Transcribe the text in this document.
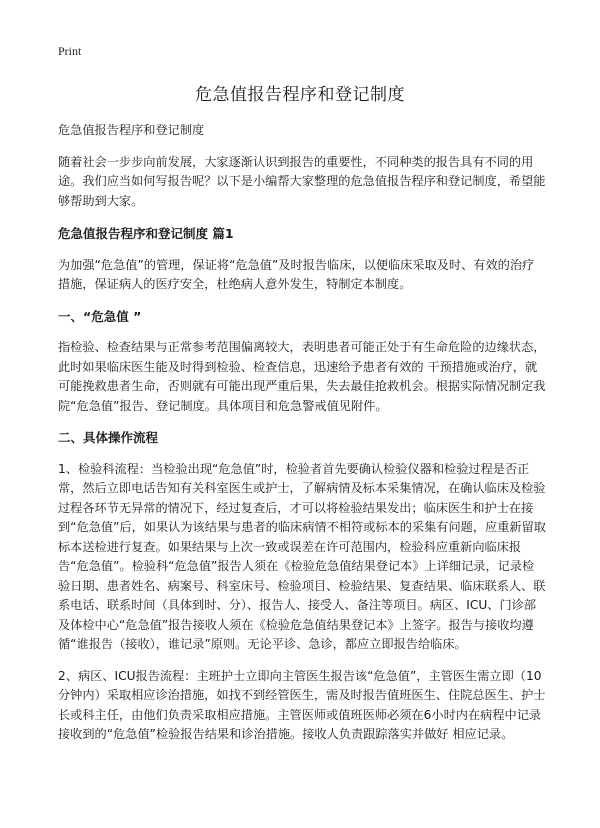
Print
危急值报告程序和登记制度

危急值报告程序和登记制度

随着社会一步步向前发展，大家逐渐认识到报告的重要性，不同种类的报告具有不同的用途。我们应当如何写报告呢？以下是小编帮大家整理的危急值报告程序和登记制度，希望能够帮助到大家。

危急值报告程序和登记制度 篇1

为加强“危急值”的管理，保证将“危急值”及时报告临床，以便临床采取及时、有效的治疗措施，保证病人的医疗安全，杜绝病人意外发生，特制定本制度。

一、“危急值 ”

指检验、检查结果与正常参考范围偏离较大，表明患者可能正处于有生命危险的边缘状态，此时如果临床医生能及时得到检验、检查信息，迅速给予患者有效的 干预措施或治疗，就可能挽救患者生命，否则就有可能出现严重后果，失去最佳抢救机会。根据实际情况制定我院“危急值”报告、登记制度。具体项目和危急警戒值见附件。

二、具体操作流程

1、检验科流程：当检验出现“危急值”时，检验者首先要确认检验仪器和检验过程是否正常，然后立即电话告知有关科室医生或护士，了解病情及标本采集情况，在确认临床及检验过程各环节无异常的情况下，经过复查后，才可以将检验结果发出；临床医生和护士在接到“危急值”后，如果认为该结果与患者的临床病情不相符或标本的采集有问题，应重新留取标本送检进行复查。如果结果与上次一致或误差在许可范围内，检验科应重新向临床报告“危急值”。检验科“危急值”报告人须在《检验危急值结果登记本》上详细记录，记录检验日期、患者姓名、病案号、科室床号、检验项目、检验结果、复查结果、临床联系人、联系电话、联系时间（具体到时、分）、报告人、接受人、备注等项目。病区、ICU、门诊部及体检中心“危急值”报告接收人须在《检验危急值结果登记本》上签字。报告与接收均遵循“谁报告（接收），谁记录”原则。无论平诊、急诊，都应立即报告给临床。

2、病区、ICU报告流程：主班护士立即向主管医生报告该“危急值”，主管医生需立即（10分钟内）采取相应诊治措施，如找不到经管医生，需及时报告值班医生、住院总医生、护士长或科主任，由他们负责采取相应措施。主管医师或值班医师必须在6小时内在病程中记录接收到的“危急值”检验报告结果和诊治措施。接收人负责跟踪落实并做好 相应记录。
